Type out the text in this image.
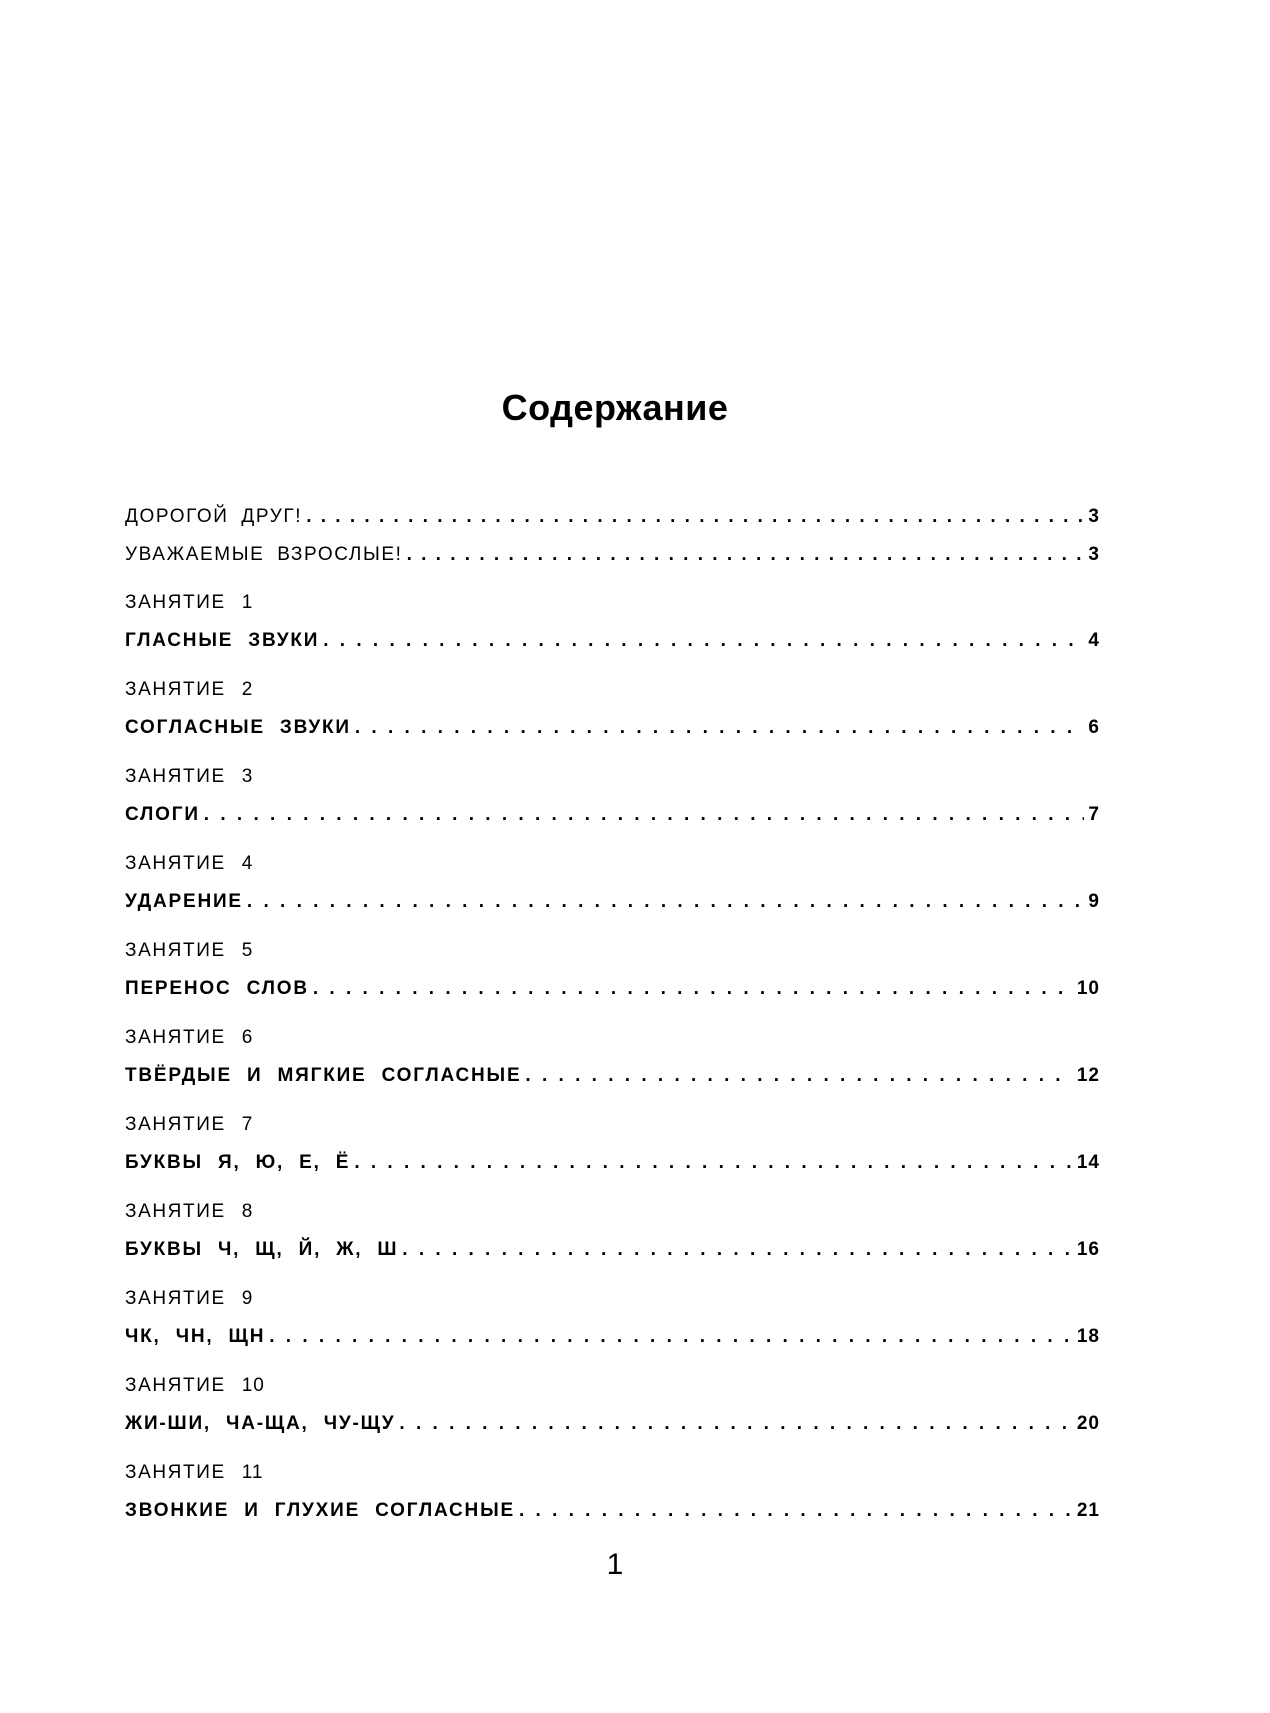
Содержание
ДОРОГОЙ ДРУГ! . . .	3
УВАЖАЕМЫЕ ВЗРОСЛЫЕ! . . .	3
ЗАНЯТИЕ 1
ГЛАСНЫЕ ЗВУКИ . . .	4
ЗАНЯТИЕ 2
СОГЛАСНЫЕ ЗВУКИ . . .	6
ЗАНЯТИЕ 3
СЛОГИ . . .	7
ЗАНЯТИЕ 4
УДАРЕНИЕ . . .	9
ЗАНЯТИЕ 5
ПЕРЕНОС СЛОВ . . .	10
ЗАНЯТИЕ 6
ТВЁРДЫЕ И МЯГКИЕ СОГЛАСНЫЕ . . .	12
ЗАНЯТИЕ 7
БУКВЫ Я, Ю, Е, Ё . . .	14
ЗАНЯТИЕ 8
БУКВЫ Ч, Щ, Й, Ж, Ш . . .	16
ЗАНЯТИЕ 9
ЧК, ЧН, ЩН . . .	18
ЗАНЯТИЕ 10
ЖИ-ШИ, ЧА-ЩА, ЧУ-ЩУ . . .	20
ЗАНЯТИЕ 11
ЗВОНКИЕ И ГЛУХИЕ СОГЛАСНЫЕ . . .	21
1
